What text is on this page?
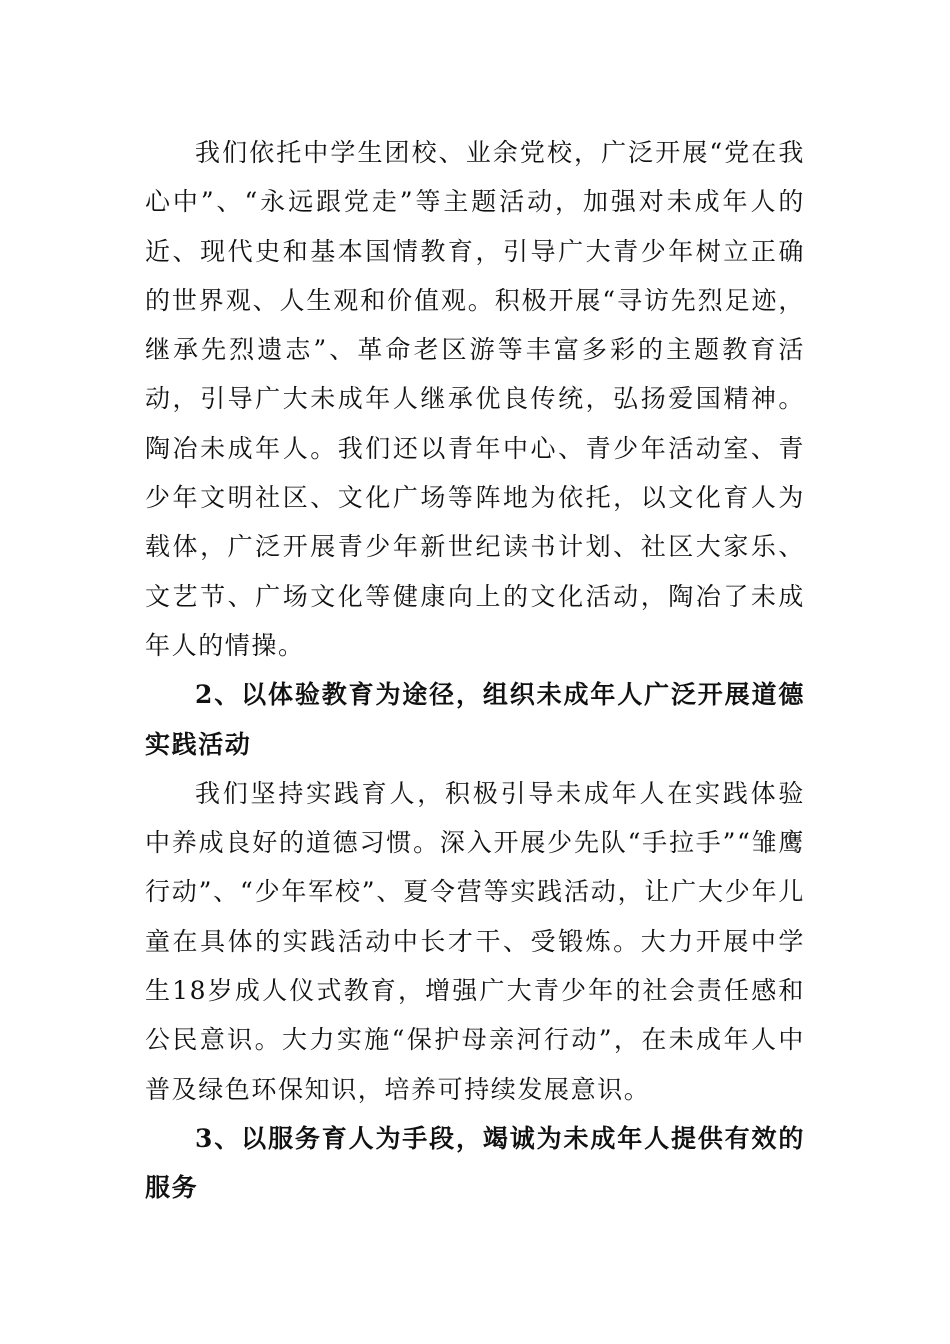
我们依托中学生团校、业余党校，广泛开展“党在我心中”、“永远跟党走”等主题活动，加强对未成年人的近、现代史和基本国情教育，引导广大青少年树立正确的世界观、人生观和价值观。积极开展“寻访先烈足迹，继承先烈遗志”、革命老区游等丰富多彩的主题教育活动，引导广大未成年人继承优良传统，弘扬爱国精神。陶冶未成年人。我们还以青年中心、青少年活动室、青少年文明社区、文化广场等阵地为依托，以文化育人为载体，广泛开展青少年新世纪读书计划、社区大家乐、文艺节、广场文化等健康向上的文化活动，陶冶了未成年人的情操。

2、以体验教育为途径，组织未成年人广泛开展道德实践活动

我们坚持实践育人，积极引导未成年人在实践体验中养成良好的道德习惯。深入开展少先队“手拉手”“雏鹰行动”、“少年军校”、夏令营等实践活动，让广大少年儿童在具体的实践活动中长才干、受锻炼。大力开展中学生18岁成人仪式教育，增强广大青少年的社会责任感和公民意识。大力实施“保护母亲河行动”，在未成年人中普及绿色环保知识，培养可持续发展意识。

3、以服务育人为手段，竭诚为未成年人提供有效的服务
